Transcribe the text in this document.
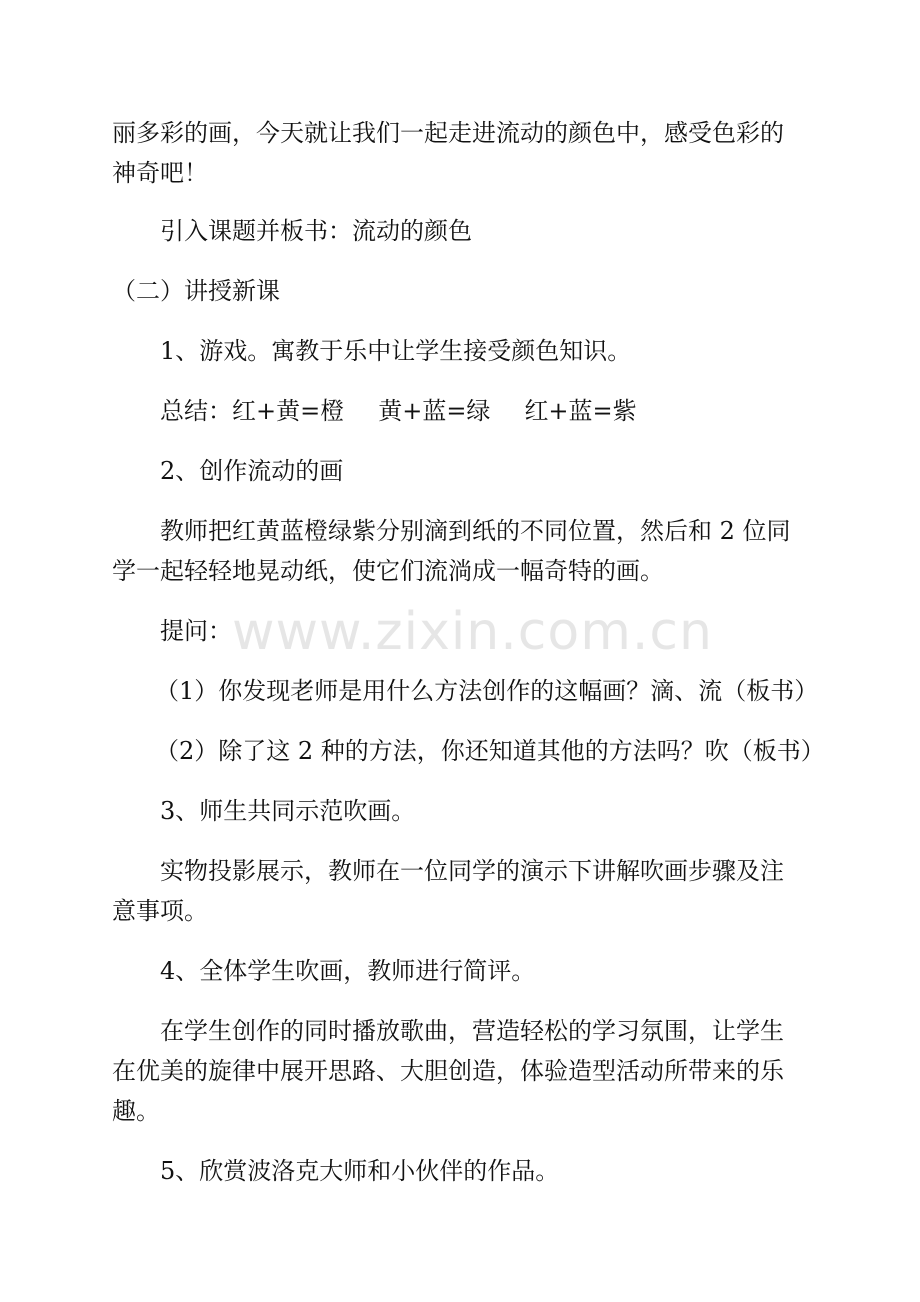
www.zixin.com.cn
丽多彩的画，今天就让我们一起走进流动的颜色中，感受色彩的
神奇吧！
引入课题并板书：流动的颜色
（二）讲授新课
1、游戏。寓教于乐中让学生接受颜色知识。
总结：红+黄=橙 黄+蓝=绿 红+蓝=紫
2、创作流动的画
教师把红黄蓝橙绿紫分别滴到纸的不同位置，然后和 2 位同
学一起轻轻地晃动纸，使它们流淌成一幅奇特的画。
提问：
（1）你发现老师是用什么方法创作的这幅画？滴、流（板书）
（2）除了这 2 种的方法，你还知道其他的方法吗？吹（板书）
3、师生共同示范吹画。
实物投影展示，教师在一位同学的演示下讲解吹画步骤及注
意事项。
4、全体学生吹画，教师进行简评。
在学生创作的同时播放歌曲，营造轻松的学习氛围，让学生
在优美的旋律中展开思路、大胆创造，体验造型活动所带来的乐
趣。
5、欣赏波洛克大师和小伙伴的作品。
